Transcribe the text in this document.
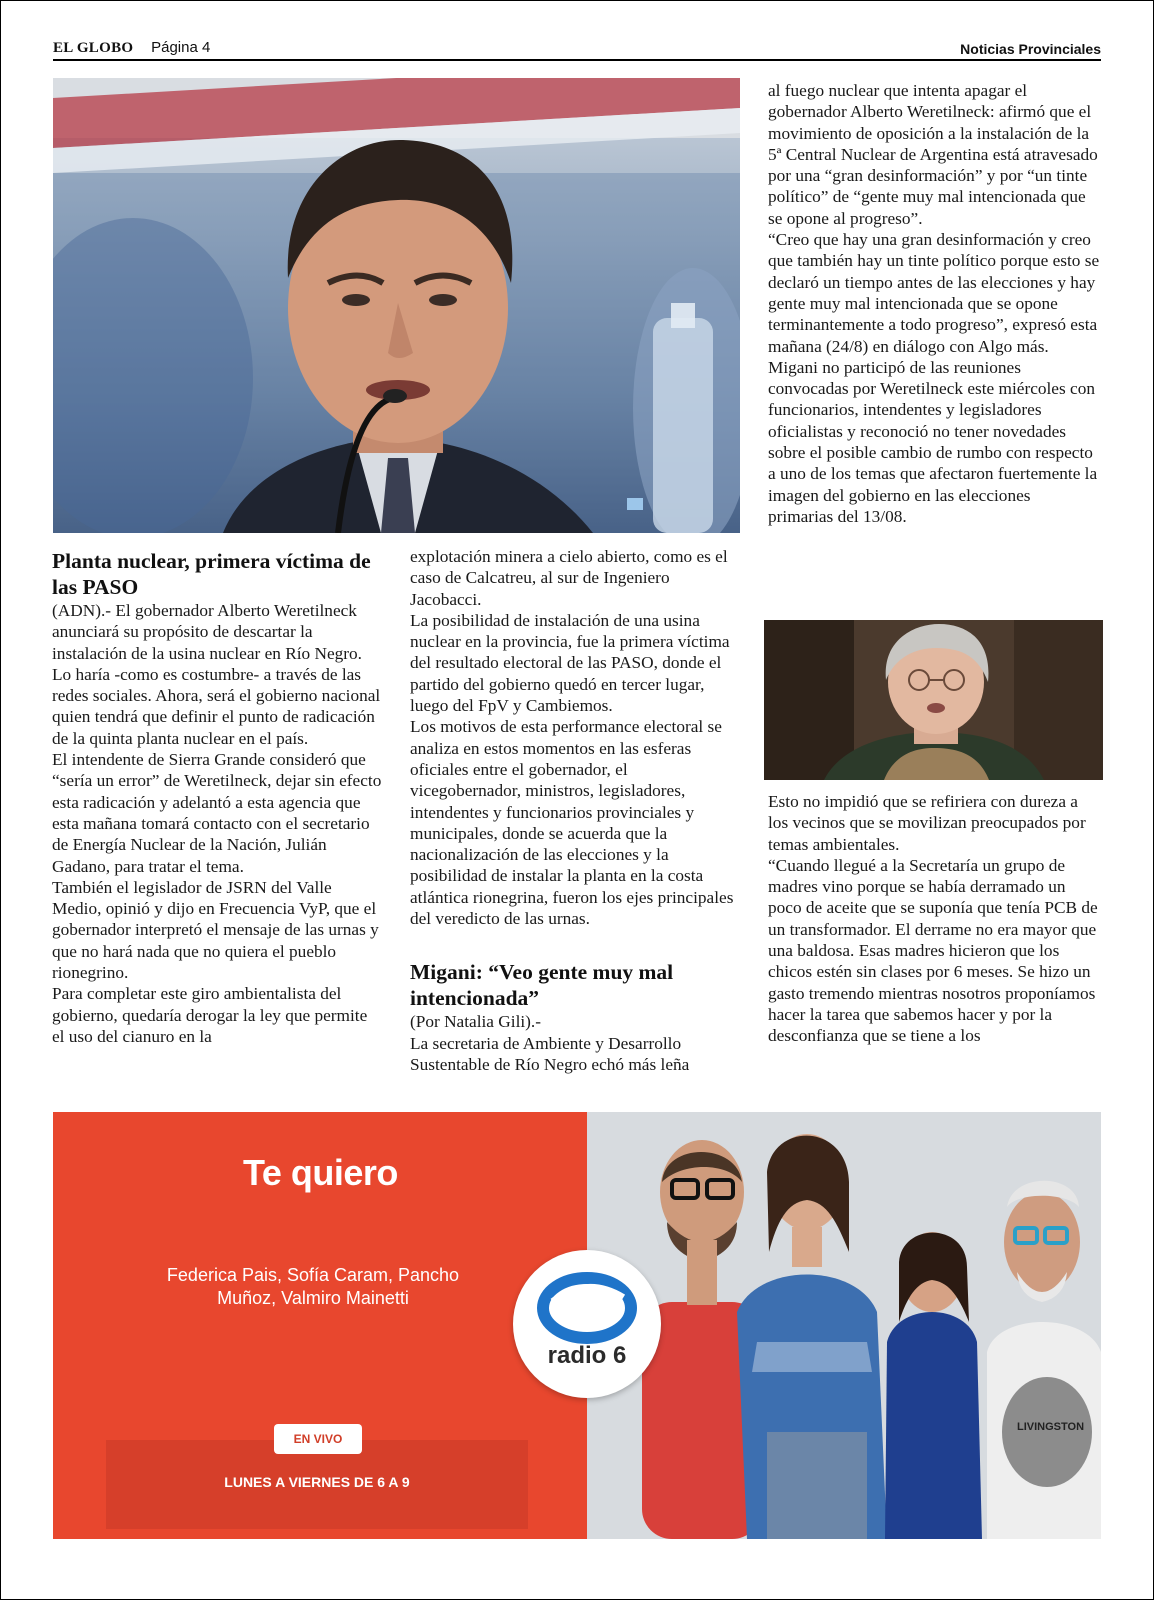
EL GLOBO Página 4	Noticias Provinciales
Planta nuclear, primera víctima de las PASO

(ADN).- El gobernador Alberto Weretilneck anunciará su propósito de descartar la instalación de la usina nuclear en Río Negro. Lo haría -como es costumbre- a través de las redes sociales. Ahora, será el gobierno nacional quien tendrá que definir el punto de radicación de la quinta planta nuclear en el país.

El intendente de Sierra Grande consideró que “sería un error” de Weretilneck, dejar sin efecto esta radicación y adelantó a esta agencia que esta mañana tomará contacto con el secretario de Energía Nuclear de la Nación, Julián Gadano, para tratar el tema.

También el legislador de JSRN del Valle Medio, opinió y dijo en Frecuencia VyP, que el gobernador interpretó el mensaje de las urnas y que no hará nada que no quiera el pueblo rionegrino.

Para completar este giro ambientalista del gobierno, quedaría derogar la ley que permite el uso del cianuro en la

explotación minera a cielo abierto, como es el caso de Calcatreu, al sur de Ingeniero Jacobacci.

La posibilidad de instalación de una usina nuclear en la provincia, fue la primera víctima del resultado electoral de las PASO, donde el partido del gobierno quedó en tercer lugar, luego del FpV y Cambiemos.

Los motivos de esta performance electoral se analiza en estos momentos en las esferas oficiales entre el gobernador, el vicegobernador, ministros, legisladores, intendentes y funcionarios provinciales y municipales, donde se acuerda que la nacionalización de las elecciones y la posibilidad de instalar la planta en la costa atlántica rionegrina, fueron los ejes principales del veredicto de las urnas.

Migani: “Veo gente muy mal intencionada”

(Por Natalia Gili).-

La secretaria de Ambiente y Desarrollo Sustentable de Río Negro echó más leña

al fuego nuclear que intenta apagar el gobernador Alberto Weretilneck: afirmó que el movimiento de oposición a la instalación de la 5ª Central Nuclear de Argentina está atravesado por una “gran desinformación” y por “un tinte político” de “gente muy mal intencionada que se opone al progreso”.

“Creo que hay una gran desinformación y creo que también hay un tinte político porque esto se declaró un tiempo antes de las elecciones y hay gente muy mal intencionada que se opone terminantemente a todo progreso”, expresó esta mañana (24/8) en diálogo con Algo más.

Migani no participó de las reuniones convocadas por Weretilneck este miércoles con funcionarios, intendentes y legisladores oficialistas y reconoció no tener novedades sobre el posible cambio de rumbo con respecto a uno de los temas que afectaron fuertemente la imagen del gobierno en las elecciones primarias del 13/08.

Esto no impidió que se refiriera con dureza a los vecinos que se movilizan preocupados por temas ambientales.

“Cuando llegué a la Secretaría un grupo de madres vino porque se había derramado un poco de aceite que se suponía que tenía PCB de un transformador. El derrame no era mayor que una baldosa. Esas madres hicieron que los chicos estén sin clases por 6 meses. Se hizo un gasto tremendo mientras nosotros proponíamos hacer la tarea que sabemos hacer y por la desconfianza que se tiene a los

LIVINGSTON
Te quiero
Federica Pais, Sofía Caram, Pancho Muñoz, Valmiro Mainetti
EN VIVO
LUNES A VIERNES DE 6 A 9
radio 6
